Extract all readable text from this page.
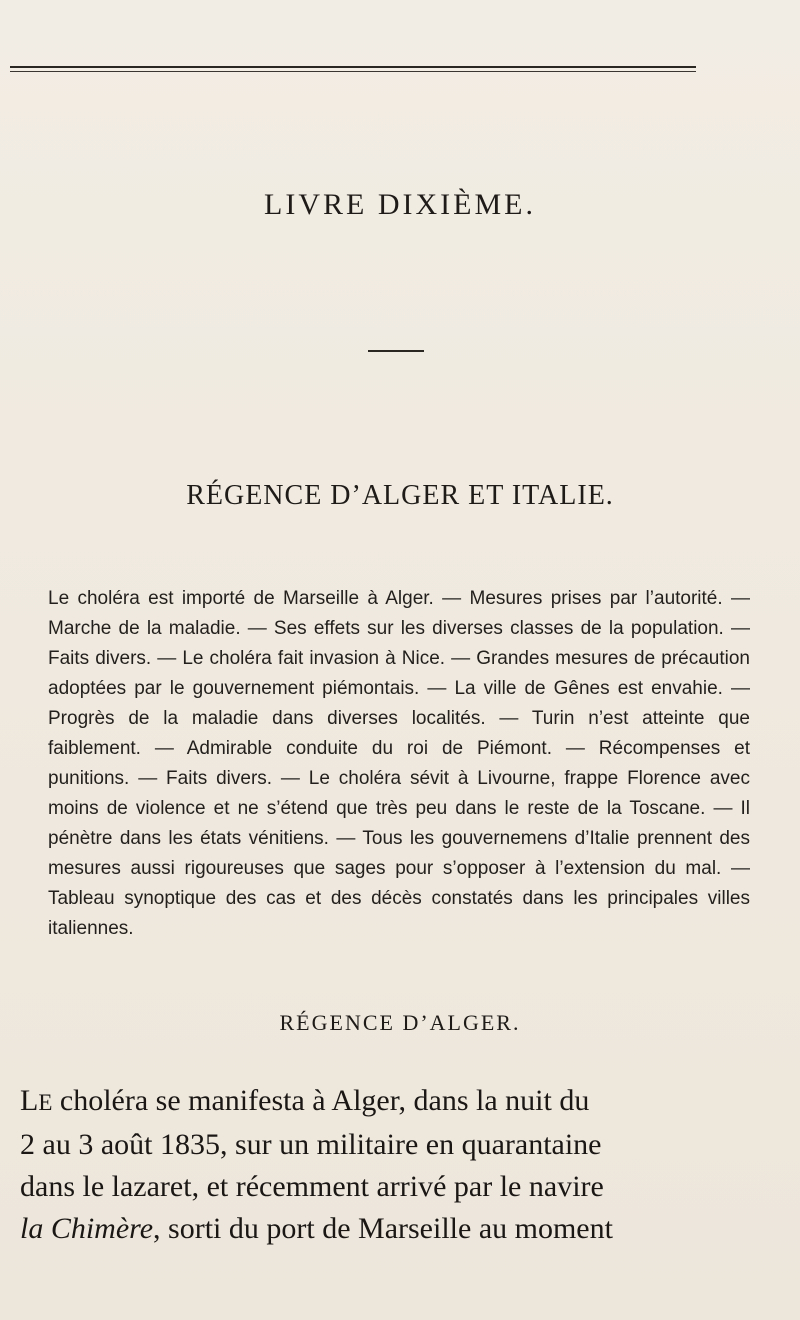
LIVRE DIXIÈME.
RÉGENCE D’ALGER ET ITALIE.
Le choléra est importé de Marseille à Alger. — Mesures prises par l’autorité. — Marche de la maladie. — Ses effets sur les diverses classes de la population. — Faits divers. — Le choléra fait invasion à Nice. — Grandes mesures de précaution adoptées par le gouvernement piémontais. — La ville de Gênes est envahie. — Progrès de la maladie dans diverses localités. — Turin n’est atteinte que faiblement. — Admirable conduite du roi de Piémont. — Récompenses et punitions. — Faits divers. — Le choléra sévit à Livourne, frappe Florence avec moins de violence et ne s’étend que très peu dans le reste de la Toscane. — Il pénètre dans les états vénitiens. — Tous les gouvernemens d’Italie prennent des mesures aussi rigoureuses que sages pour s’opposer à l’extension du mal. — Tableau synoptique des cas et des décès constatés dans les principales villes italiennes.
RÉGENCE D’ALGER.
LE choléra se manifesta à Alger, dans la nuit du
2 au 3 août 1835, sur un militaire en quarantaine
dans le lazaret, et récemment arrivé par le navire
la Chimère, sorti du port de Marseille au moment
